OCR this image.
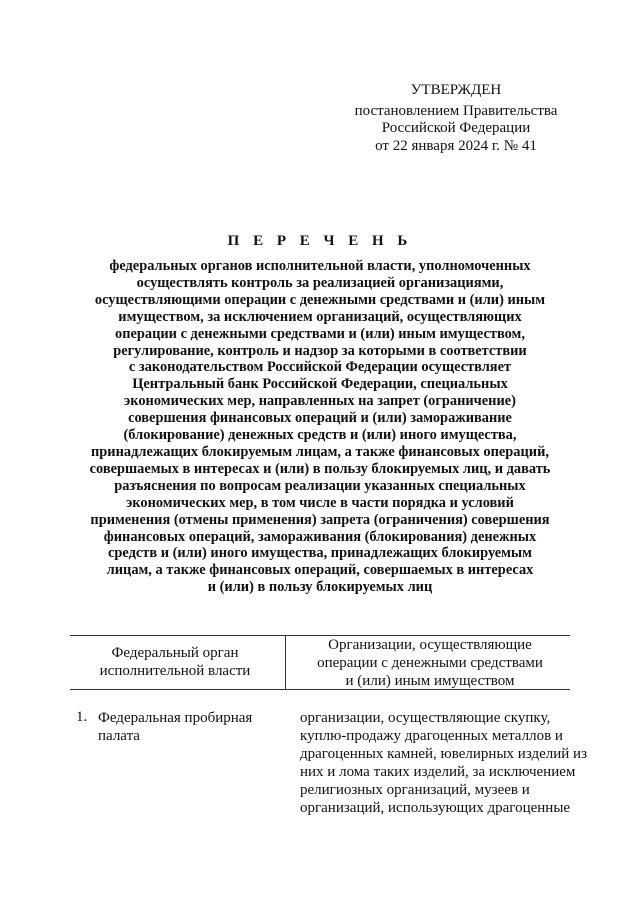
УТВЕРЖДЕН
постановлением Правительства
Российской Федерации
от 22 января 2024 г. № 41
П Е Р Е Ч Е Н Ь
федеральных органов исполнительной власти, уполномоченных
осуществлять контроль за реализацией организациями,
осуществляющими операции с денежными средствами и (или) иным
имуществом, за исключением организаций, осуществляющих
операции с денежными средствами и (или) иным имуществом,
регулирование, контроль и надзор за которыми в соответствии
с законодательством Российской Федерации осуществляет
Центральный банк Российской Федерации, специальных
экономических мер, направленных на запрет (ограничение)
совершения финансовых операций и (или) замораживание
(блокирование) денежных средств и (или) иного имущества,
принадлежащих блокируемым лицам, а также финансовых операций,
совершаемых в интересах и (или) в пользу блокируемых лиц, и давать
разъяснения по вопросам реализации указанных специальных
экономических мер, в том числе в части порядка и условий
применения (отмены применения) запрета (ограничения) совершения
финансовых операций, замораживания (блокирования) денежных
средств и (или) иного имущества, принадлежащих блокируемым
лицам, а также финансовых операций, совершаемых в интересах
и (или) в пользу блокируемых лиц
Федеральный орган
исполнительной власти
Организации, осуществляющие
операции с денежными средствами
и (или) иным имуществом
1. Федеральная пробирная
палата
организации, осуществляющие скупку,
куплю-продажу драгоценных металлов и
драгоценных камней, ювелирных изделий из
них и лома таких изделий, за исключением
религиозных организаций, музеев и
организаций, использующих драгоценные
